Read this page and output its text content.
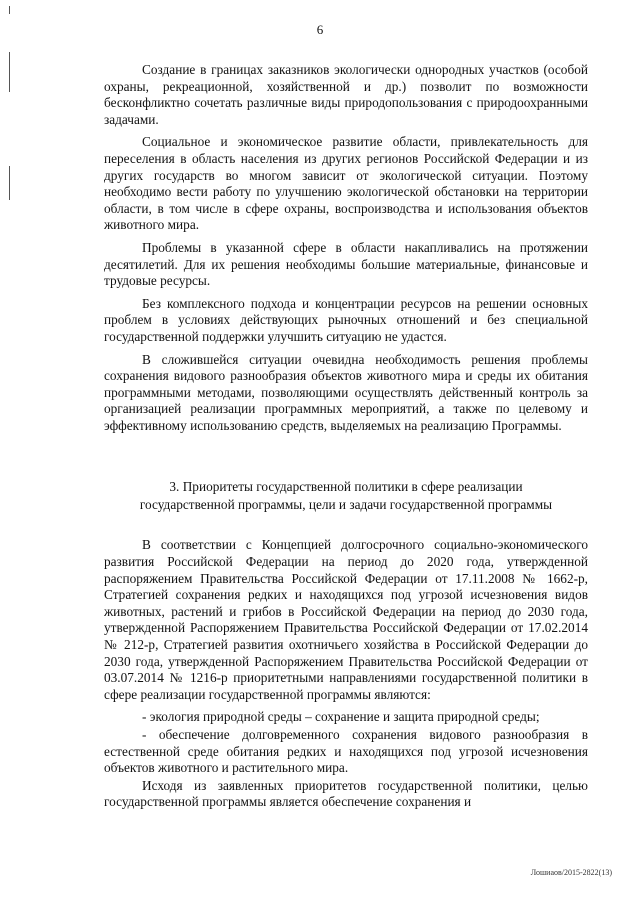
6

Создание в границах заказников экологически однородных участков (особой охраны, рекреационной, хозяйственной и др.) позволит по возможности бесконфликтно сочетать различные виды природопользования с природоохранными задачами.

Социальное и экономическое развитие области, привлекательность для переселения в область населения из других регионов Российской Федерации и из других государств во многом зависит от экологической ситуации. Поэтому необходимо вести работу по улучшению экологической обстановки на территории области, в том числе в сфере охраны, воспроизводства и использования объектов животного мира.

Проблемы в указанной сфере в области накапливались на протяжении десятилетий. Для их решения необходимы большие материальные, финансовые и трудовые ресурсы.

Без комплексного подхода и концентрации ресурсов на решении основных проблем в условиях действующих рыночных отношений и без специальной государственной поддержки улучшить ситуацию не удастся.

В сложившейся ситуации очевидна необходимость решения проблемы сохранения видового разнообразия объектов животного мира и среды их обитания программными методами, позволяющими осуществлять действенный контроль за организацией реализации программных мероприятий, а также по целевому и эффективному использованию средств, выделяемых на реализацию Программы.

3. Приоритеты государственной политики в сфере реализации
государственной программы, цели и задачи государственной программы

В соответствии с Концепцией долгосрочного социально-экономического развития Российской Федерации на период до 2020 года, утвержденной распоряжением Правительства Российской Федерации от 17.11.2008 № 1662-р, Стратегией сохранения редких и находящихся под угрозой исчезновения видов животных, растений и грибов в Российской Федерации на период до 2030 года, утвержденной Распоряжением Правительства Российской Федерации от 17.02.2014 № 212-р, Стратегией развития охотничьего хозяйства в Российской Федерации до 2030 года, утвержденной Распоряжением Правительства Российской Федерации от 03.07.2014 № 1216-р приоритетными направлениями государственной политики в сфере реализации государственной программы являются:

- экология природной среды – сохранение и защита природной среды;

- обеспечение долговременного сохранения видового разнообразия в естественной среде обитания редких и находящихся под угрозой исчезновения объектов животного и растительного мира.

Исходя из заявленных приоритетов государственной политики, целью государственной программы является обеспечение сохранения и

Лошиаов/2015-2822(13)
